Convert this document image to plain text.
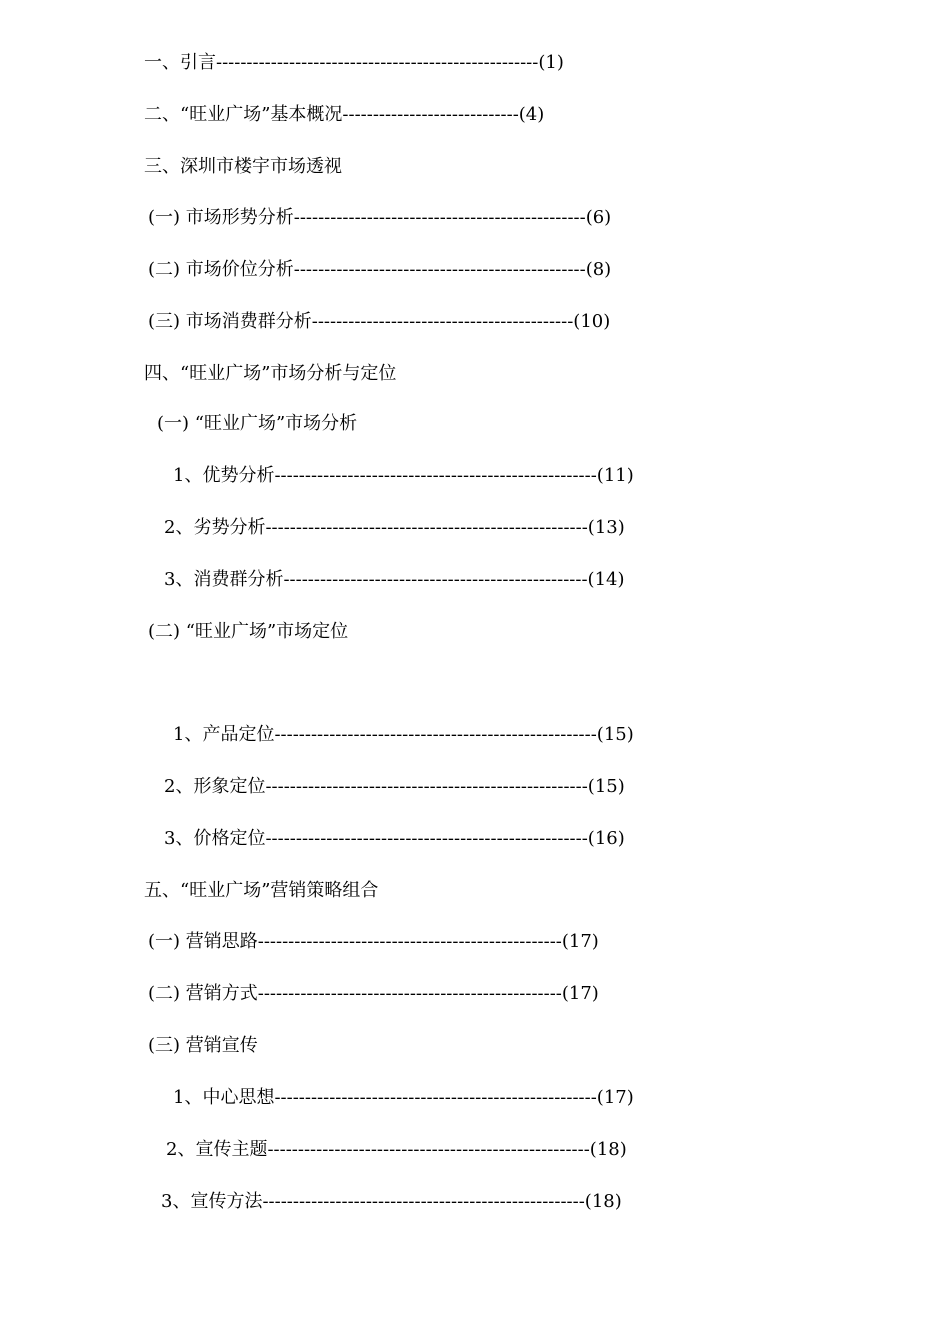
一、引言-----------------------------------------------------(1)

二、“旺业广场”基本概况-----------------------------(4)

三、深圳市楼宇市场透视

(一) 市场形势分析------------------------------------------------(6)

(二) 市场价位分析------------------------------------------------(8)

(三) 市场消费群分析-------------------------------------------(10)

四、“旺业广场”市场分析与定位

(一) “旺业广场”市场分析

1、优势分析-----------------------------------------------------(11)

2、劣势分析-----------------------------------------------------(13)

3、消费群分析--------------------------------------------------(14)

(二) “旺业广场”市场定位

1、产品定位-----------------------------------------------------(15)

2、形象定位-----------------------------------------------------(15)

3、价格定位-----------------------------------------------------(16)

五、“旺业广场”营销策略组合

(一) 营销思路--------------------------------------------------(17)

(二) 营销方式--------------------------------------------------(17)

(三) 营销宣传

1、中心思想-----------------------------------------------------(17)

2、宣传主题-----------------------------------------------------(18)

3、宣传方法-----------------------------------------------------(18)
